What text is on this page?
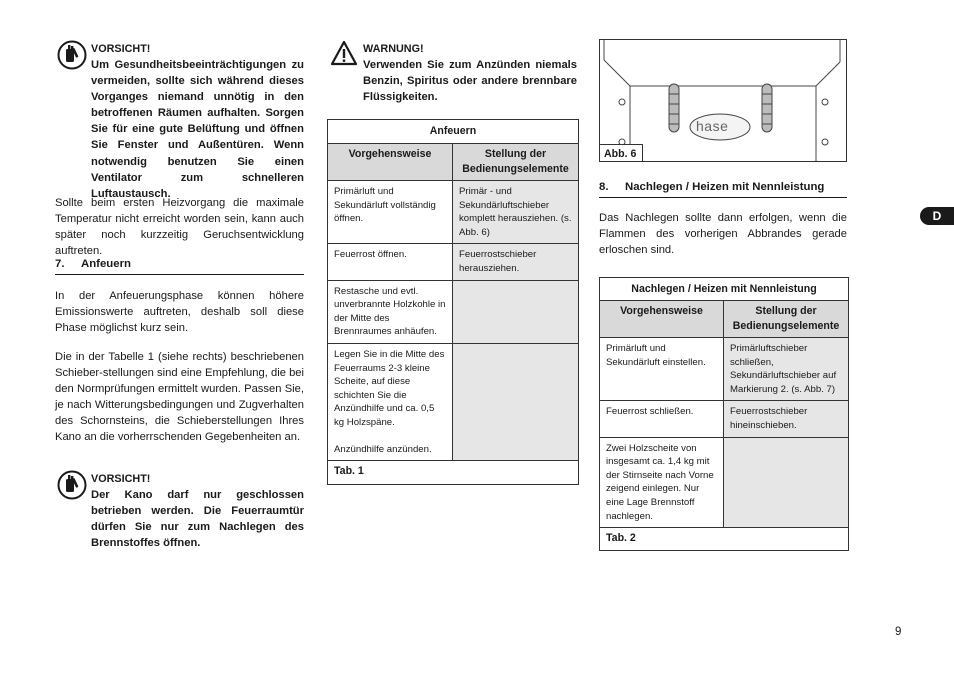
VORSICHT!
Um Gesundheitsbeeinträchtigungen zu vermeiden, sollte sich während dieses Vorganges niemand unnötig in den betroffenen Räumen aufhalten. Sorgen Sie für eine gute Belüftung und öffnen Sie Fenster und Außentüren. Wenn notwendig benutzen Sie einen Ventilator zum schnelleren Luftaustausch.
Sollte beim ersten Heizvorgang die maximale Temperatur nicht erreicht worden sein, kann auch später noch kurzzeitig Geruchsentwicklung auftreten.
7. Anfeuern
In der Anfeuerungsphase können höhere Emissionswerte auftreten, deshalb soll diese Phase möglichst kurz sein.
Die in der Tabelle 1 (siehe rechts) beschriebenen Schieber-stellungen sind eine Empfehlung, die bei den Normprüfungen ermittelt wurden. Passen Sie, je nach Witterungsbedingungen und Zugverhalten des Schornsteins, die Schieberstellungen Ihres Kano an die vorherrschenden Gegebenheiten an.
VORSICHT!
Der Kano darf nur geschlossen betrieben werden. Die Feuerraumtür dürfen Sie nur zum Nachlegen des Brennstoffes öffnen.
WARNUNG!
Verwenden Sie zum Anzünden niemals Benzin, Spiritus oder andere brennbare Flüssigkeiten.
Anfeuern	
Vorgehensweise	Stellung der Bedienungselemente
Primärluft und Sekundärluft vollständig öffnen.	Primär - und Sekundärluftschieber komplett herausziehen. (s. Abb. 6)
Feuerrost öffnen.	Feuerrostschieber herausziehen.
Restasche und evtl. unverbrannte Holzkohle in der Mitte des Brennraumes anhäufen.	

Legen Sie in die Mitte des Feuerraums 2-3 kleine Scheite, auf diese schichten Sie die Anzündhilfe und ca. 0,5 kg Holzspäne.
Anzündhilfe anzünden.	

Tab. 1	
hase
Abb. 6
8. Nachlegen / Heizen mit Nennleistung
Das Nachlegen sollte dann erfolgen, wenn die Flammen des vorherigen Abbrandes gerade erloschen sind.
Nachlegen / Heizen mit Nennleistung	
Vorgehensweise	Stellung der Bedienungselemente
Primärluft und Sekundärluft einstellen.	Primärluftschieber schließen, Sekundärluftschieber auf Markierung 2. (s. Abb. 7)
Feuerrost schließen.	Feuerrostschieber hineinschieben.
Zwei Holzscheite von insgesamt ca. 1,4 kg mit der Stirnseite nach Vorne zeigend einlegen. Nur eine Lage Brennstoff nachlegen.	
Tab. 2	
D
9
